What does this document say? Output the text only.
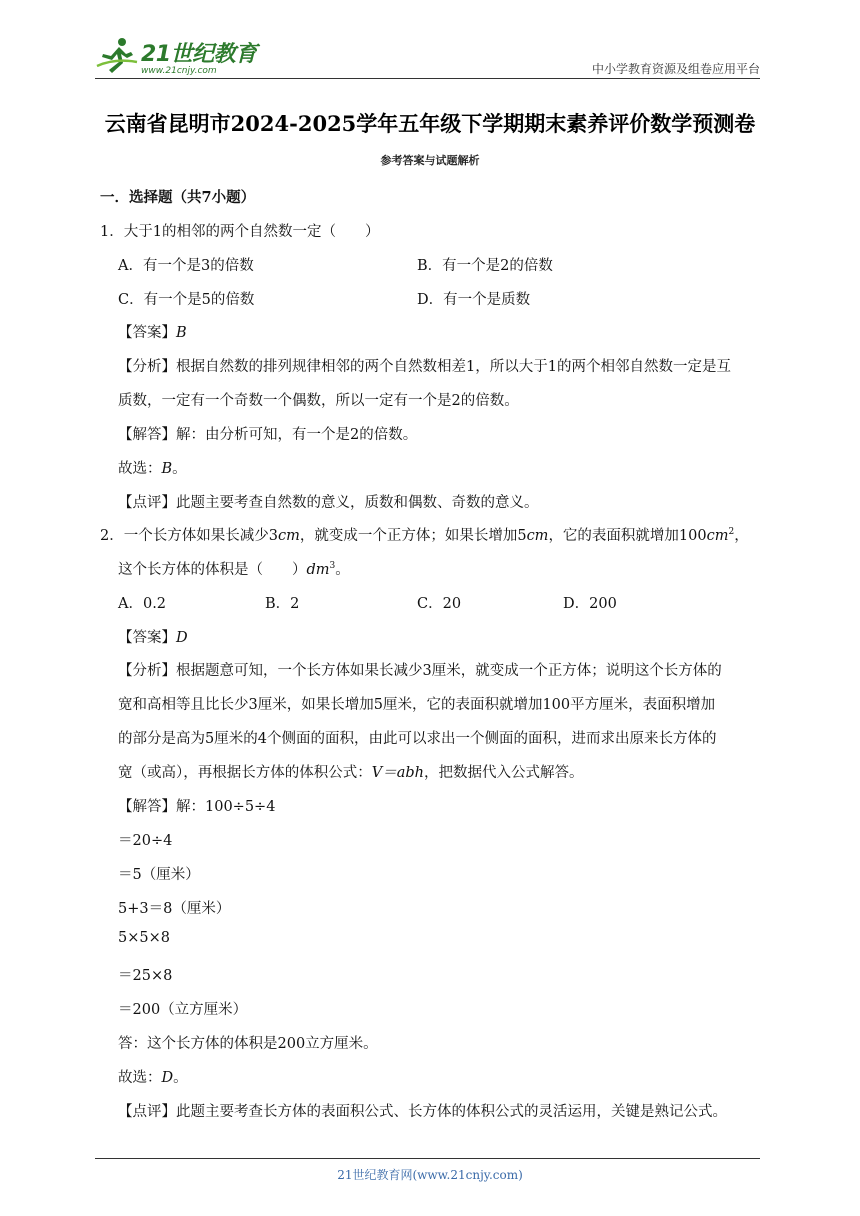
21世纪教育
www.21cnjy.com	中小学教育资源及组卷应用平台
云南省昆明市2024-2025学年五年级下学期期末素养评价数学预测卷
参考答案与试题解析
一．选择题（共7小题）
1．大于1的相邻的两个自然数一定（　　）
A．有一个是3的倍数	B．有一个是2的倍数
C．有一个是5的倍数	D．有一个是质数
【答案】B
【分析】根据自然数的排列规律相邻的两个自然数相差1，所以大于1的两个相邻自然数一定是互
质数，一定有一个奇数一个偶数，所以一定有一个是2的倍数。
【解答】解：由分析可知，有一个是2的倍数。
故选：B。
【点评】此题主要考查自然数的意义，质数和偶数、奇数的意义。
2．一个长方体如果长减少3cm，就变成一个正方体；如果长增加5cm，它的表面积就增加$100cm^2$，
这个长方体的体积是（　　）$dm^3$。
A．0.2	B．2	C．20	D．200
【答案】D
【分析】根据题意可知，一个长方体如果长减少3厘米，就变成一个正方体；说明这个长方体的
宽和高相等且比长少3厘米，如果长增加5厘米，它的表面积就增加100平方厘米，表面积增加
的部分是高为5厘米的4个侧面的面积，由此可以求出一个侧面的面积，进而求出原来长方体的
宽（或高），再根据长方体的体积公式：V＝abh，把数据代入公式解答。
【解答】解：100÷5÷4
＝20÷4
＝5（厘米）
5+3＝8（厘米）
5×5×8
＝25×8
＝200（立方厘米）
答：这个长方体的体积是200立方厘米。
故选：D。
【点评】此题主要考查长方体的表面积公式、长方体的体积公式的灵活运用，关键是熟记公式。
21世纪教育网(www.21cnjy.com)
